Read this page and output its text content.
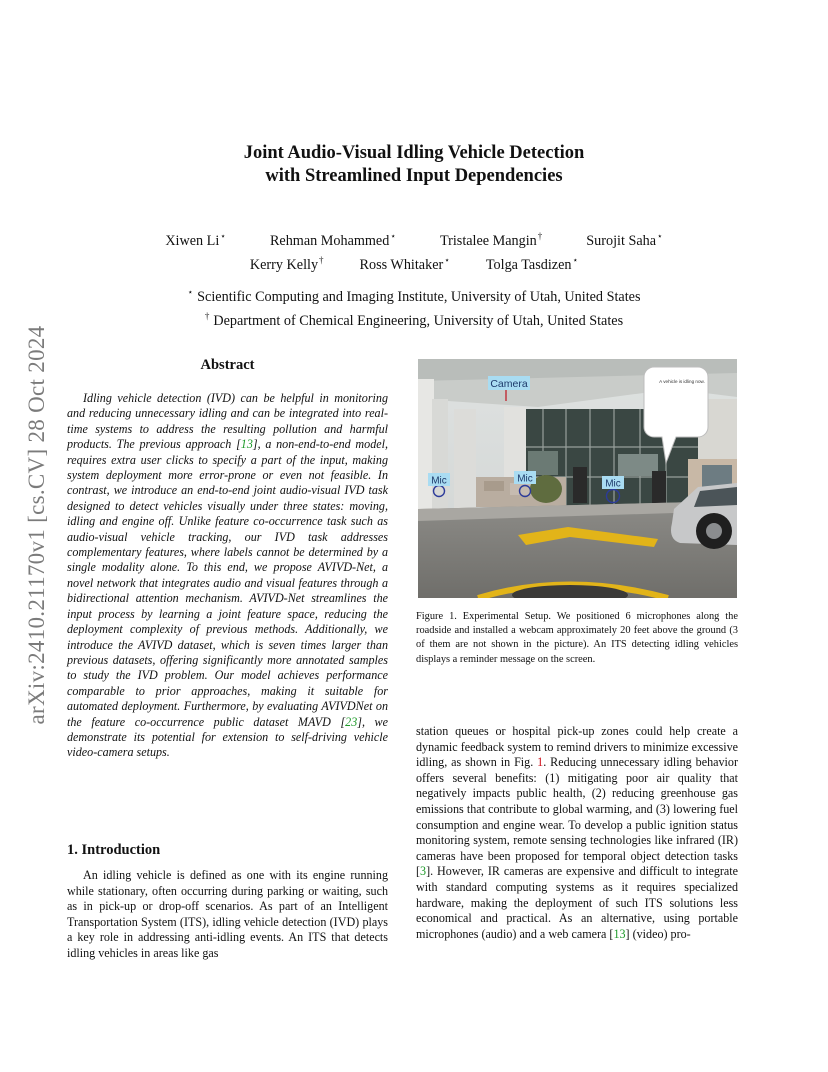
arXiv:2410.21170v1 [cs.CV] 28 Oct 2024
Joint Audio-Visual Idling Vehicle Detection
with Streamlined Input Dependencies
Xiwen Li⋆	Rehman Mohammed⋆	Tristalee Mangin†	Surojit Saha⋆
Kerry Kelly†	Ross Whitaker⋆	Tolga Tasdizen⋆
⋆ Scientific Computing and Imaging Institute, University of Utah, United States
† Department of Chemical Engineering, University of Utah, United States
Abstract

Idling vehicle detection (IVD) can be helpful in monitoring and reducing unnecessary idling and can be integrated into real-time systems to address the resulting pollution and harmful products. The previous approach [13], a non-end-to-end model, requires extra user clicks to specify a part of the input, making system deployment more error-prone or even not feasible. In contrast, we introduce an end-to-end joint audio-visual IVD task designed to detect vehicles visually under three states: moving, idling and engine off. Unlike feature co-occurrence task such as audio-visual vehicle tracking, our IVD task addresses complementary features, where labels cannot be determined by a single modality alone. To this end, we propose AVIVD-Net, a novel network that integrates audio and visual features through a bidirectional attention mechanism. AVIVD-Net streamlines the input process by learning a joint feature space, reducing the deployment complexity of previous methods. Additionally, we introduce the AVIVD dataset, which is seven times larger than previous datasets, offering significantly more annotated samples to study the IVD problem. Our model achieves performance comparable to prior approaches, making it suitable for automated deployment. Furthermore, by evaluating AVIVDNet on the feature co-occurrence public dataset MAVD [23], we demonstrate its potential for extension to self-driving vehicle video-camera setups.

1. Introduction

An idling vehicle is defined as one with its engine running while stationary, often occurring during parking or waiting, such as in pick-up or drop-off scenarios. As part of an Intelligent Transportation System (ITS), idling vehicle detection (IVD) plays a key role in addressing anti-idling events. An ITS that detects idling vehicles in areas like gas

Camera
Mic	Mic	Mic
A vehicle is idling now.

Figure 1. Experimental Setup. We positioned 6 microphones along the roadside and installed a webcam approximately 20 feet above the ground (3 of them are not shown in the picture). An ITS detecting idling vehicles displays a reminder message on the screen.

station queues or hospital pick-up zones could help create a dynamic feedback system to remind drivers to minimize excessive idling, as shown in Fig. 1. Reducing unnecessary idling behavior offers several benefits: (1) mitigating poor air quality that negatively impacts public health, (2) reducing greenhouse gas emissions that contribute to global warming, and (3) lowering fuel consumption and engine wear. To develop a public ignition status monitoring system, remote sensing technologies like infrared (IR) cameras have been proposed for temporal object detection tasks [3]. However, IR cameras are expensive and difficult to integrate with standard computing systems as it requires specialized hardware, making the deployment of such ITS solutions less economical and practical. As an alternative, using portable microphones (audio) and a web camera [13] (video) pro-
